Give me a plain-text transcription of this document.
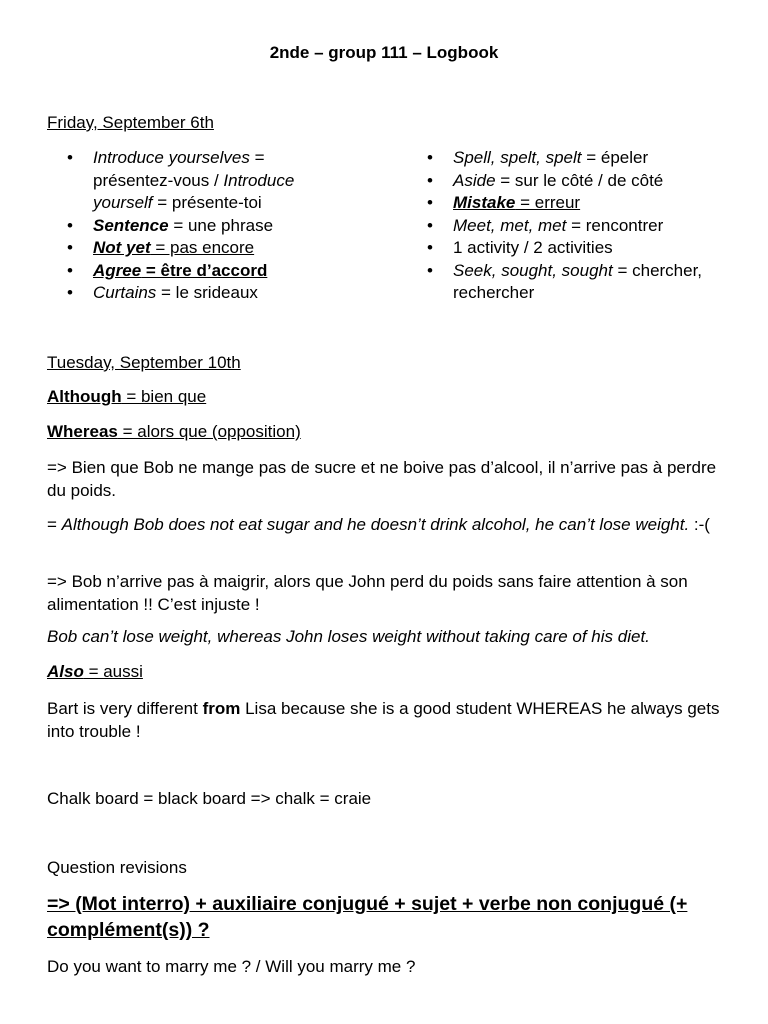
2nde – group 111 – Logbook
Friday, September 6th
• Introduce yourselves = présentez-vous / Introduce yourself = présente-toi
• Sentence = une phrase
• Not yet = pas encore
• Agree = être d’accord
• Curtains = le srideaux
• Spell, spelt, spelt = épeler
• Aside = sur le côté / de côté
• Mistake = erreur
• Meet, met, met = rencontrer
• 1 activity / 2 activities
• Seek, sought, sought = chercher, rechercher
Tuesday, September 10th
Although = bien que
Whereas = alors que (opposition)
=> Bien que Bob ne mange pas de sucre et ne boive pas d’alcool, il n’arrive pas à perdre du poids.
= Although Bob does not eat sugar and he doesn’t drink alcohol, he can’t lose weight. :-(
=> Bob n’arrive pas à maigrir, alors que John perd du poids sans faire attention à son alimentation !! C’est injuste !
Bob can’t lose weight, whereas John loses weight without taking care of his diet.
Also = aussi
Bart is very different from Lisa because she is a good student WHEREAS he always gets into trouble !
Chalk board = black board => chalk = craie
Question revisions
=> (Mot interro) + auxiliaire conjugué + sujet + verbe non conjugué (+ complément(s)) ?
Do you want to marry me ? / Will you marry me ?
